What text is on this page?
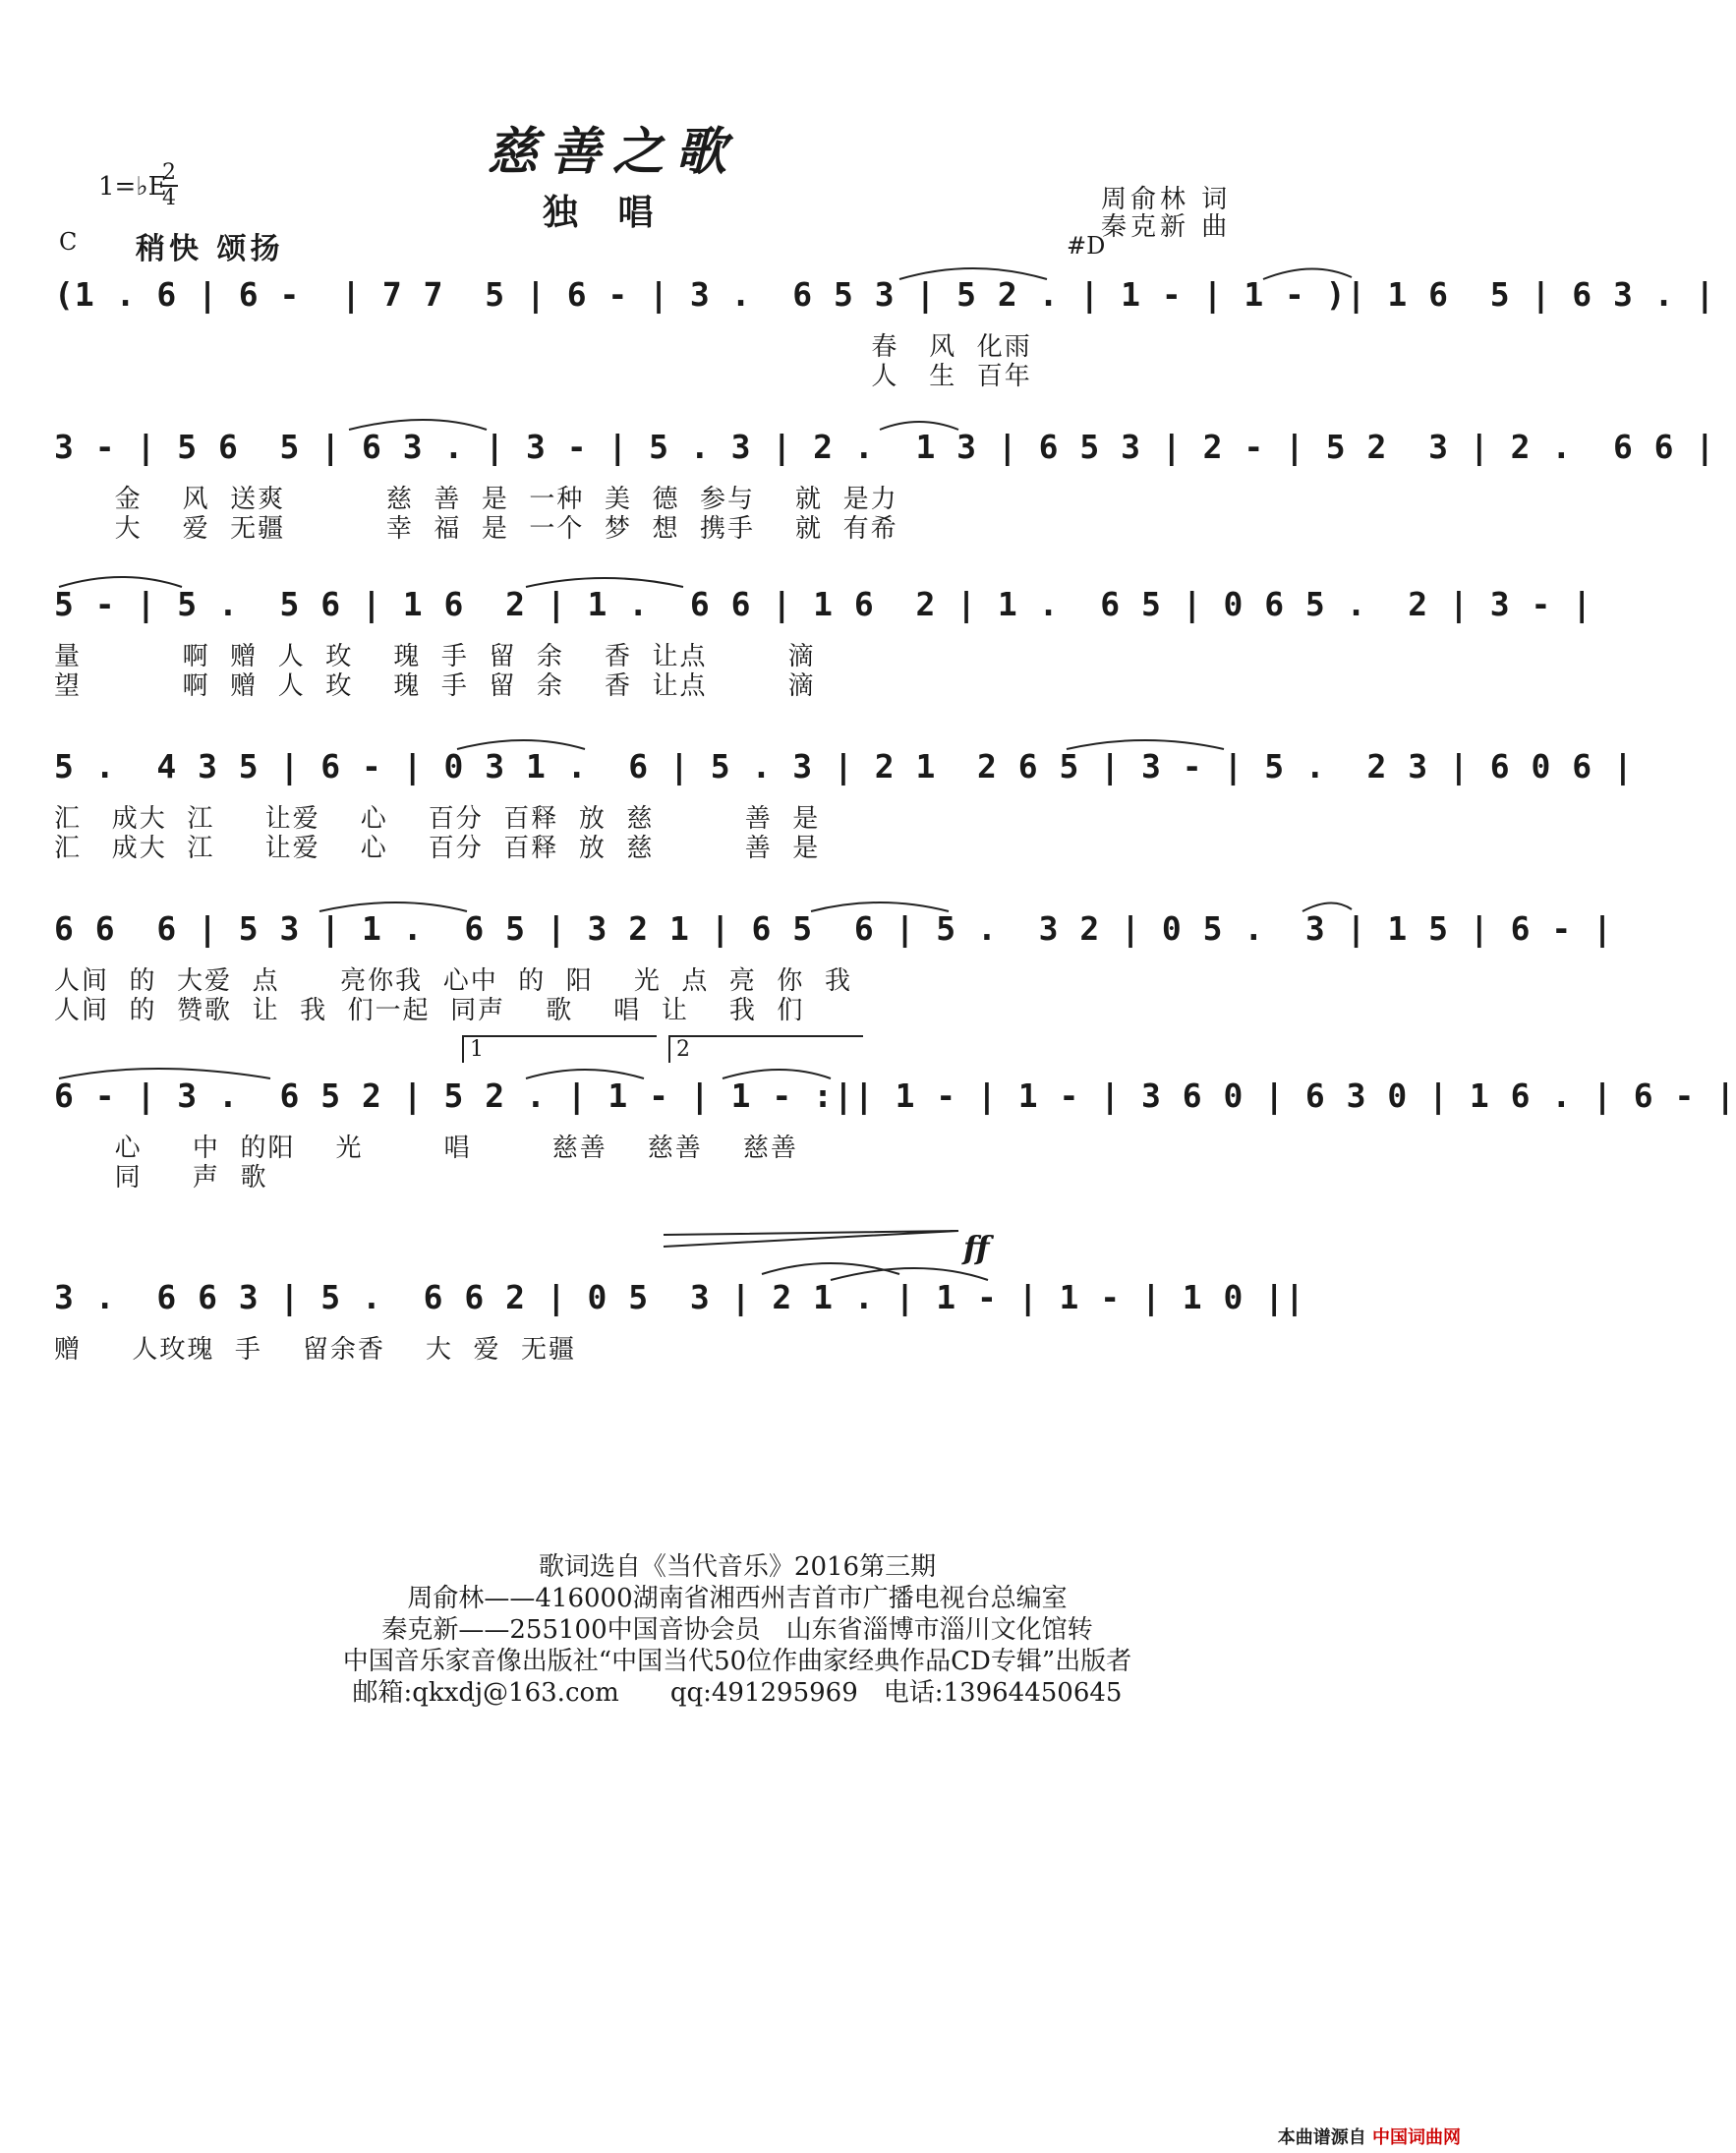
慈善之歌
独 唱
1=♭E
2
4	周俞林 词
秦克新 曲
C 稍快 颂扬	#D
(1 . 6 | 6 -  | 7 7  5 | 6 - | 3 .  6 5 3 | 5 2 . | 1 - | 1 - )| 1 6  5 | 6 3 . |
春   风  化雨
人   生  百年
3 - | 5 6  5 | 6 3 . | 3 - | 5 . 3 | 2 .  1 3 | 6 5 3 | 2 - | 5 2  3 | 2 .  6 6 |
金    风  送爽          慈  善  是  一种  美  德  参与    就  是力
大    爱  无疆          幸  福  是  一个  梦  想  携手    就  有希
5 - | 5 .  5 6 | 1 6  2 | 1 .  6 6 | 1 6  2 | 1 .  6 5 | 0 6 5 .  2 | 3 - |
量          啊  赠  人  玫    瑰  手  留  余    香  让点        滴
望          啊  赠  人  玫    瑰  手  留  余    香  让点        滴
5 .  4 3 5 | 6 - | 0 3 1 .  6 | 5 . 3 | 2 1  2 6 5 | 3 - | 5 .  2 3 | 6 0 6 |
汇   成大  江     让爱    心    百分  百释  放  慈         善  是
汇   成大  江     让爱    心    百分  百释  放  慈         善  是
6 6  6 | 5 3 | 1 .  6 5 | 3 2 1 | 6 5  6 | 5 .  3 2 | 0 5 .  3 | 1 5 | 6 - |
人间  的  大爱  点      亮你我  心中  的  阳    光  点  亮  你  我
人间  的  赞歌  让  我  们一起  同声    歌    唱  让    我  们
1	2
6 - | 3 .  6 5 2 | 5 2 . | 1 - | 1 - :|| 1 - | 1 - | 3 6 0 | 6 3 0 | 1 6 . | 6 - |
心     中  的阳    光        唱        慈善    慈善    慈善
同     声  歌
ff
3 .  6 6 3 | 5 .  6 6 2 | 0 5  3 | 2 1 . | 1 - | 1 - | 1 0 ||
赠     人玫瑰  手    留余香    大  爱  无疆
歌词选自《当代音乐》2016第三期
周俞林——416000湖南省湘西州吉首市广播电视台总编室
秦克新——255100中国音协会员　山东省淄博市淄川文化馆转
中国音乐家音像出版社“中国当代50位作曲家经典作品CD专辑”出版者
邮箱:qkxdj@163.com　　qq:491295969　电话:13964450645
本曲谱源自 中国词曲网
